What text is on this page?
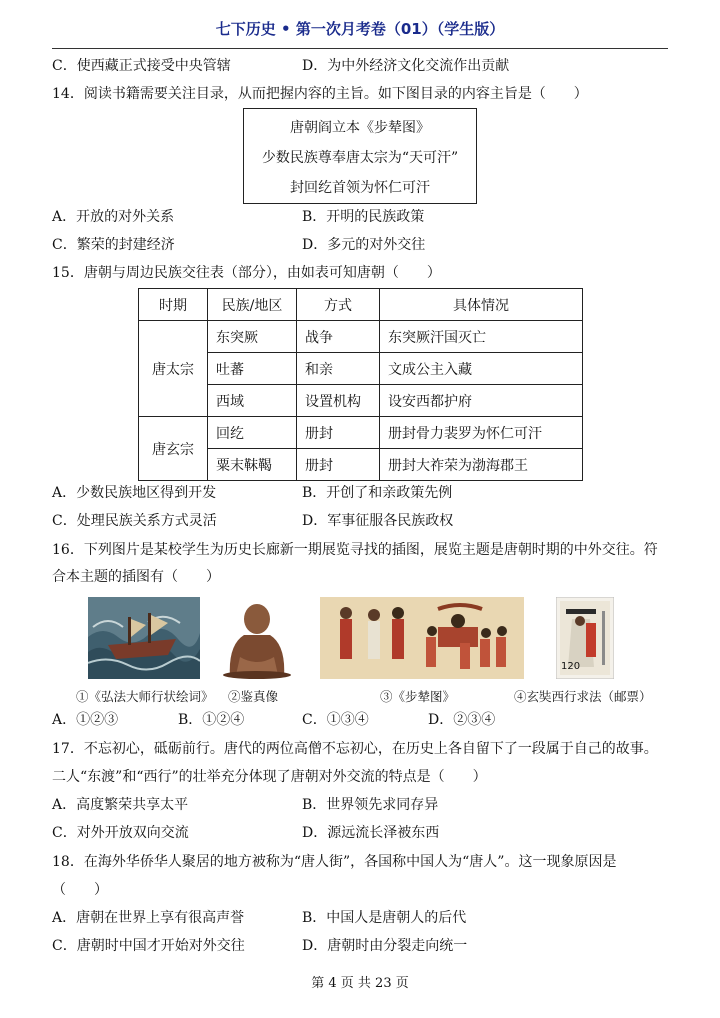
七下历史 • 第一次月考卷（01）（学生版）
C．使西藏正式接受中央管辖	D．为中外经济文化交流作出贡献
14．阅读书籍需要关注目录，从而把握内容的主旨。如下图目录的内容主旨是（　　）
唐朝阎立本《步辇图》
少数民族尊奉唐太宗为“天可汗”
封回纥首领为怀仁可汗
A．开放的对外关系	B．开明的民族政策
C．繁荣的封建经济	D．多元的对外交往
15．唐朝与周边民族交往表（部分），由如表可知唐朝（　　）
时期	民族/地区	方式	具体情况
唐太宗	东突厥	战争	东突厥汗国灭亡
	吐蕃	和亲	文成公主入藏
	西域	设置机构	设安西都护府
唐玄宗	回纥	册封	册封骨力裴罗为怀仁可汗
	粟末靺鞨	册封	册封大祚荣为渤海郡王
A．少数民族地区得到开发	B．开创了和亲政策先例
C．处理民族关系方式灵活	D．军事征服各民族政权
16．下列图片是某校学生为历史长廊新一期展览寻找的插图，展览主题是唐朝时期的中外交往。符
合本主题的插图有（　　）
120
①《弘法大师行状绘词》 ②鉴真像	③《步辇图》	④玄奘西行求法（邮票）
A．①②③	B．①②④	C．①③④	D．②③④
17．不忘初心，砥砺前行。唐代的两位高僧不忘初心，在历史上各自留下了一段属于自己的故事。
二人“东渡”和“西行”的壮举充分体现了唐朝对外交流的特点是（　　）
A．高度繁荣共享太平	B．世界领先求同存异
C．对外开放双向交流	D．源远流长泽被东西
18．在海外华侨华人聚居的地方被称为“唐人街”，各国称中国人为“唐人”。这一现象原因是
（　　）
A．唐朝在世界上享有很高声誉	B．中国人是唐朝人的后代
C．唐朝时中国才开始对外交往	D．唐朝时由分裂走向统一
第 4 页 共 23 页
